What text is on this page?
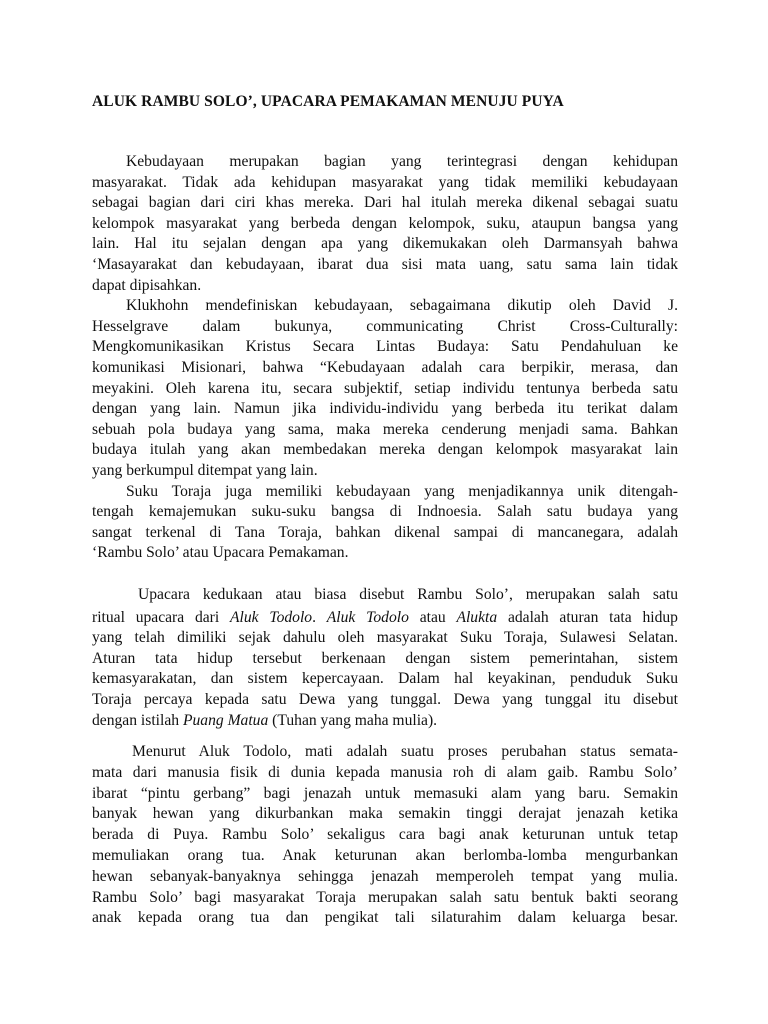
ALUK RAMBU SOLO’, UPACARA PEMAKAMAN MENUJU PUYA
Kebudayaan merupakan bagian yang terintegrasi dengan kehidupan
masyarakat. Tidak ada kehidupan masyarakat yang tidak memiliki kebudayaan
sebagai bagian dari ciri khas mereka. Dari hal itulah mereka dikenal sebagai suatu
kelompok masyarakat yang berbeda dengan kelompok, suku, ataupun bangsa yang
lain. Hal itu sejalan dengan apa yang dikemukakan oleh Darmansyah bahwa
‘Masayarakat dan kebudayaan, ibarat dua sisi mata uang, satu sama lain tidak
dapat dipisahkan.
Klukhohn mendefiniskan kebudayaan, sebagaimana dikutip oleh David J.
Hesselgrave dalam bukunya, communicating Christ Cross-Culturally:
Mengkomunikasikan Kristus Secara Lintas Budaya: Satu Pendahuluan ke
komunikasi Misionari, bahwa “Kebudayaan adalah cara berpikir, merasa, dan
meyakini. Oleh karena itu, secara subjektif, setiap individu tentunya berbeda satu
dengan yang lain. Namun jika individu-individu yang berbeda itu terikat dalam
sebuah pola budaya yang sama, maka mereka cenderung menjadi sama. Bahkan
budaya itulah yang akan membedakan mereka dengan kelompok masyarakat lain
yang berkumpul ditempat yang lain.
Suku Toraja juga memiliki kebudayaan yang menjadikannya unik ditengah-
tengah kemajemukan suku-suku bangsa di Indnoesia. Salah satu budaya yang
sangat terkenal di Tana Toraja, bahkan dikenal sampai di mancanegara, adalah
‘Rambu Solo’ atau Upacara Pemakaman.
Upacara kedukaan atau biasa disebut Rambu Solo’, merupakan salah satu
ritual upacara dari Aluk Todolo. Aluk Todolo atau Alukta adalah aturan tata hidup
yang telah dimiliki sejak dahulu oleh masyarakat Suku Toraja, Sulawesi Selatan.
Aturan tata hidup tersebut berkenaan dengan sistem pemerintahan, sistem
kemasyarakatan, dan sistem kepercayaan. Dalam hal keyakinan, penduduk Suku
Toraja percaya kepada satu Dewa yang tunggal. Dewa yang tunggal itu disebut
dengan istilah Puang Matua (Tuhan yang maha mulia).
Menurut Aluk Todolo, mati adalah suatu proses perubahan status semata-
mata dari manusia fisik di dunia kepada manusia roh di alam gaib. Rambu Solo’
ibarat “pintu gerbang” bagi jenazah untuk memasuki alam yang baru. Semakin
banyak hewan yang dikurbankan maka semakin tinggi derajat jenazah ketika
berada di Puya. Rambu Solo’ sekaligus cara bagi anak keturunan untuk tetap
memuliakan orang tua. Anak keturunan akan berlomba-lomba mengurbankan
hewan sebanyak-banyaknya sehingga jenazah memperoleh tempat yang mulia.
Rambu Solo’ bagi masyarakat Toraja merupakan salah satu bentuk bakti seorang
anak kepada orang tua dan pengikat tali silaturahim dalam keluarga besar.
